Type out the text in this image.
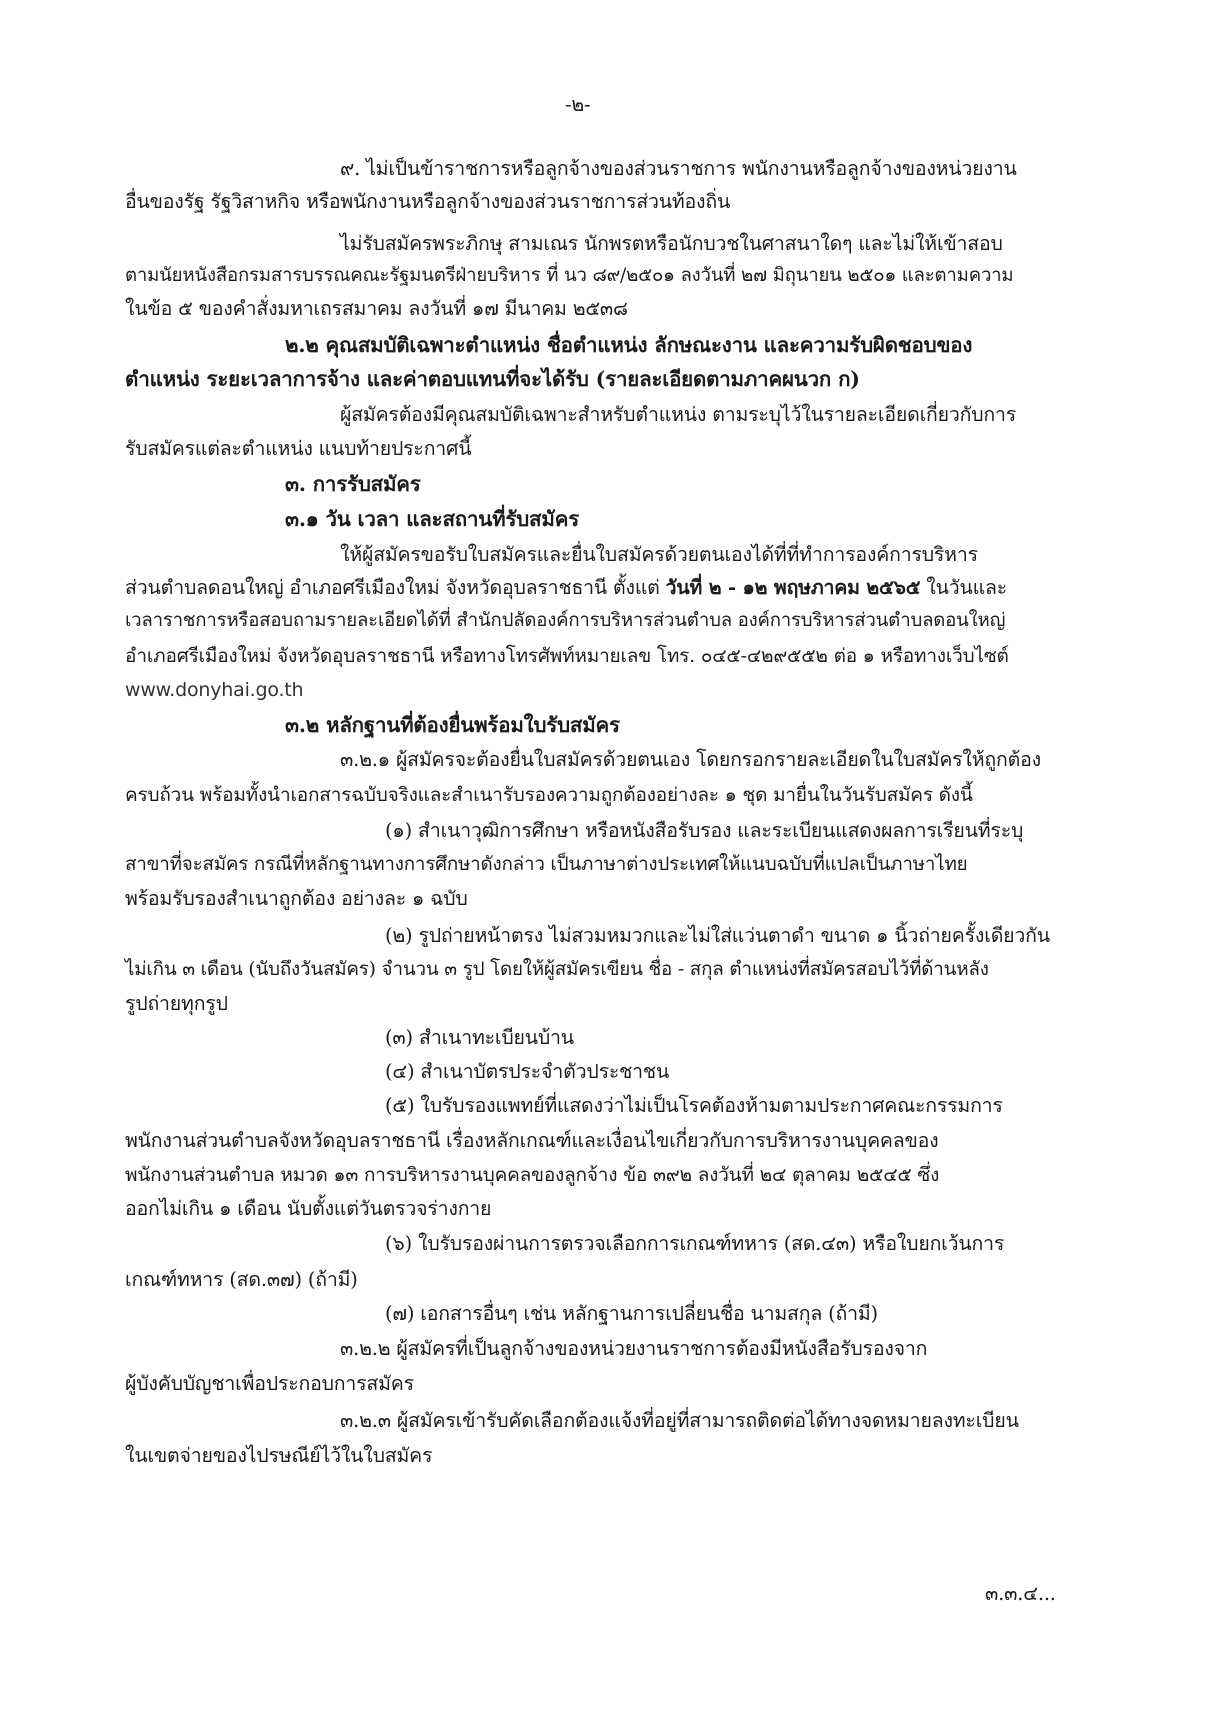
-๒-
๙. ไม่เป็นข้าราชการหรือลูกจ้างของส่วนราชการ พนักงานหรือลูกจ้างของหน่วยงาน
อื่นของรัฐ รัฐวิสาหกิจ หรือพนักงานหรือลูกจ้างของส่วนราชการส่วนท้องถิ่น
ไม่รับสมัครพระภิกษุ สามเณร นักพรตหรือนักบวชในศาสนาใดๆ และไม่ให้เข้าสอบ
ตามนัยหนังสือกรมสารบรรณคณะรัฐมนตรีฝ่ายบริหาร ที่ นว ๘๙/๒๕๐๑ ลงวันที่ ๒๗ มิถุนายน ๒๕๐๑ และตามความ
ในข้อ ๕ ของคำสั่งมหาเถรสมาคม ลงวันที่ ๑๗ มีนาคม ๒๕๓๘
๒.๒ คุณสมบัติเฉพาะตำแหน่ง ชื่อตำแหน่ง ลักษณะงาน และความรับผิดชอบของ
ตำแหน่ง ระยะเวลาการจ้าง และค่าตอบแทนที่จะได้รับ (รายละเอียดตามภาคผนวก ก)
ผู้สมัครต้องมีคุณสมบัติเฉพาะสำหรับตำแหน่ง ตามระบุไว้ในรายละเอียดเกี่ยวกับการ
รับสมัครแต่ละตำแหน่ง แนบท้ายประกาศนี้
๓. การรับสมัคร
๓.๑ วัน เวลา และสถานที่รับสมัคร
ให้ผู้สมัครขอรับใบสมัครและยื่นใบสมัครด้วยตนเองได้ที่ที่ทำการองค์การบริหาร
ส่วนตำบลดอนใหญ่ อำเภอศรีเมืองใหม่ จังหวัดอุบลราชธานี ตั้งแต่ วันที่ ๒ - ๑๒ พฤษภาคม ๒๕๖๕ ในวันและ
เวลาราชการหรือสอบถามรายละเอียดได้ที่ สำนักปลัดองค์การบริหารส่วนตำบล องค์การบริหารส่วนตำบลดอนใหญ่
อำเภอศรีเมืองใหม่ จังหวัดอุบลราชธานี หรือทางโทรศัพท์หมายเลข โทร. ๐๔๕-๔๒๙๕๕๒ ต่อ ๑ หรือทางเว็บไซต์
www.donyhai.go.th
๓.๒ หลักฐานที่ต้องยื่นพร้อมใบรับสมัคร
๓.๒.๑ ผู้สมัครจะต้องยื่นใบสมัครด้วยตนเอง โดยกรอกรายละเอียดในใบสมัครให้ถูกต้อง
ครบถ้วน พร้อมทั้งนำเอกสารฉบับจริงและสำเนารับรองความถูกต้องอย่างละ ๑ ชุด มายื่นในวันรับสมัคร ดังนี้
(๑) สำเนาวุฒิการศึกษา หรือหนังสือรับรอง และระเบียนแสดงผลการเรียนที่ระบุ
สาขาที่จะสมัคร กรณีที่หลักฐานทางการศึกษาดังกล่าว เป็นภาษาต่างประเทศให้แนบฉบับที่แปลเป็นภาษาไทย
พร้อมรับรองสำเนาถูกต้อง อย่างละ ๑ ฉบับ
(๒) รูปถ่ายหน้าตรง ไม่สวมหมวกและไม่ใส่แว่นตาดำ ขนาด ๑ นิ้วถ่ายครั้งเดียวกัน
ไม่เกิน ๓ เดือน (นับถึงวันสมัคร) จำนวน ๓ รูป โดยให้ผู้สมัครเขียน ชื่อ - สกุล ตำแหน่งที่สมัครสอบไว้ที่ด้านหลัง
รูปถ่ายทุกรูป
(๓) สำเนาทะเบียนบ้าน
(๔) สำเนาบัตรประจำตัวประชาชน
(๕) ใบรับรองแพทย์ที่แสดงว่าไม่เป็นโรคต้องห้ามตามประกาศคณะกรรมการ
พนักงานส่วนตำบลจังหวัดอุบลราชธานี เรื่องหลักเกณฑ์และเงื่อนไขเกี่ยวกับการบริหารงานบุคคลของ
พนักงานส่วนตำบล หมวด ๑๓ การบริหารงานบุคคลของลูกจ้าง ข้อ ๓๙๒ ลงวันที่ ๒๔ ตุลาคม ๒๕๔๕ ซึ่ง
ออกไม่เกิน ๑ เดือน นับตั้งแต่วันตรวจร่างกาย
(๖) ใบรับรองผ่านการตรวจเลือกการเกณฑ์ทหาร (สด.๔๓) หรือใบยกเว้นการ
เกณฑ์ทหาร (สด.๓๗) (ถ้ามี)
(๗) เอกสารอื่นๆ เช่น หลักฐานการเปลี่ยนชื่อ นามสกุล (ถ้ามี)
๓.๒.๒ ผู้สมัครที่เป็นลูกจ้างของหน่วยงานราชการต้องมีหนังสือรับรองจาก
ผู้บังคับบัญชาเพื่อประกอบการสมัคร
๓.๒.๓ ผู้สมัครเข้ารับคัดเลือกต้องแจ้งที่อยู่ที่สามารถติดต่อได้ทางจดหมายลงทะเบียน
ในเขตจ่ายของไปรษณีย์ไว้ในใบสมัคร
๓.๓.๔...
